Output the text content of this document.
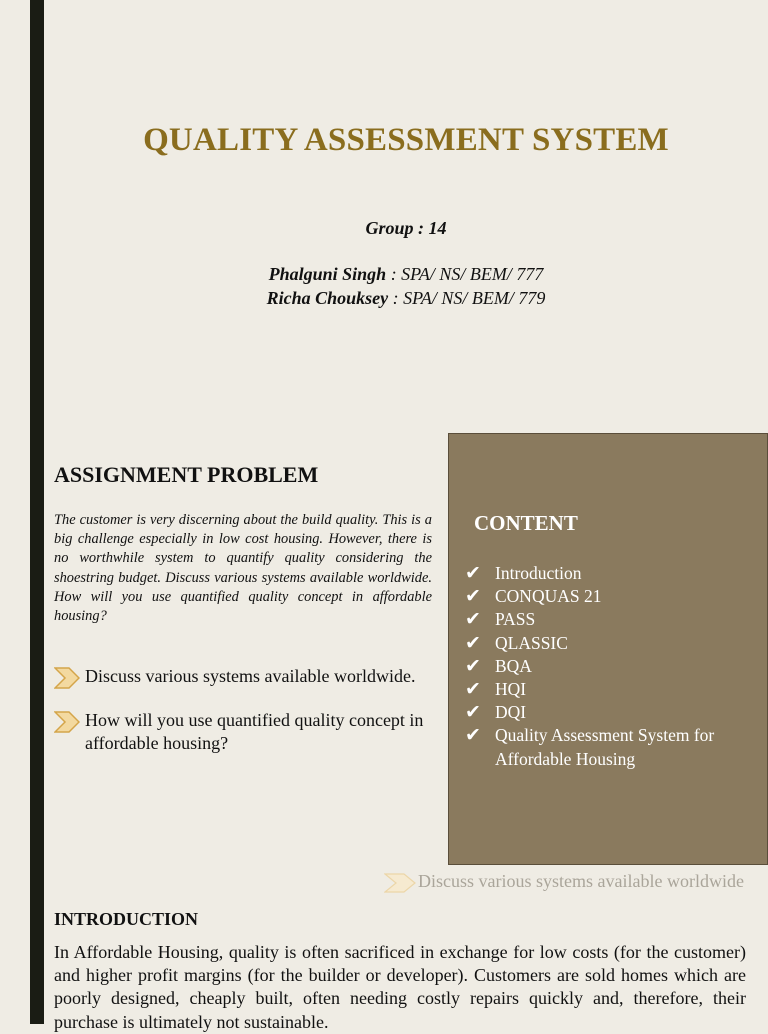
QUALITY ASSESSMENT SYSTEM
Group : 14
Phalguni Singh : SPA/ NS/ BEM/ 777
Richa Chouksey : SPA/ NS/ BEM/ 779
ASSIGNMENT PROBLEM
The customer is very discerning about the build quality. This is a big challenge especially in low cost housing. However, there is no worthwhile system to quantify quality considering the shoestring budget. Discuss various systems available worldwide. How will you use quantified quality concept in affordable housing?
Discuss various systems available worldwide.
How will you use quantified quality concept in affordable housing?
CONTENT
✔ Introduction
✔ CONQUAS 21
✔ PASS
✔ QLASSIC
✔ BQA
✔ HQI
✔ DQI
✔ Quality Assessment System for Affordable Housing
Discuss various systems available worldwide
INTRODUCTION
In Affordable Housing, quality is often sacrificed in exchange for low costs (for the customer) and higher profit margins (for the builder or developer). Customers are sold homes which are poorly designed, cheaply built, often needing costly repairs quickly and, therefore, their purchase is ultimately not sustainable.
